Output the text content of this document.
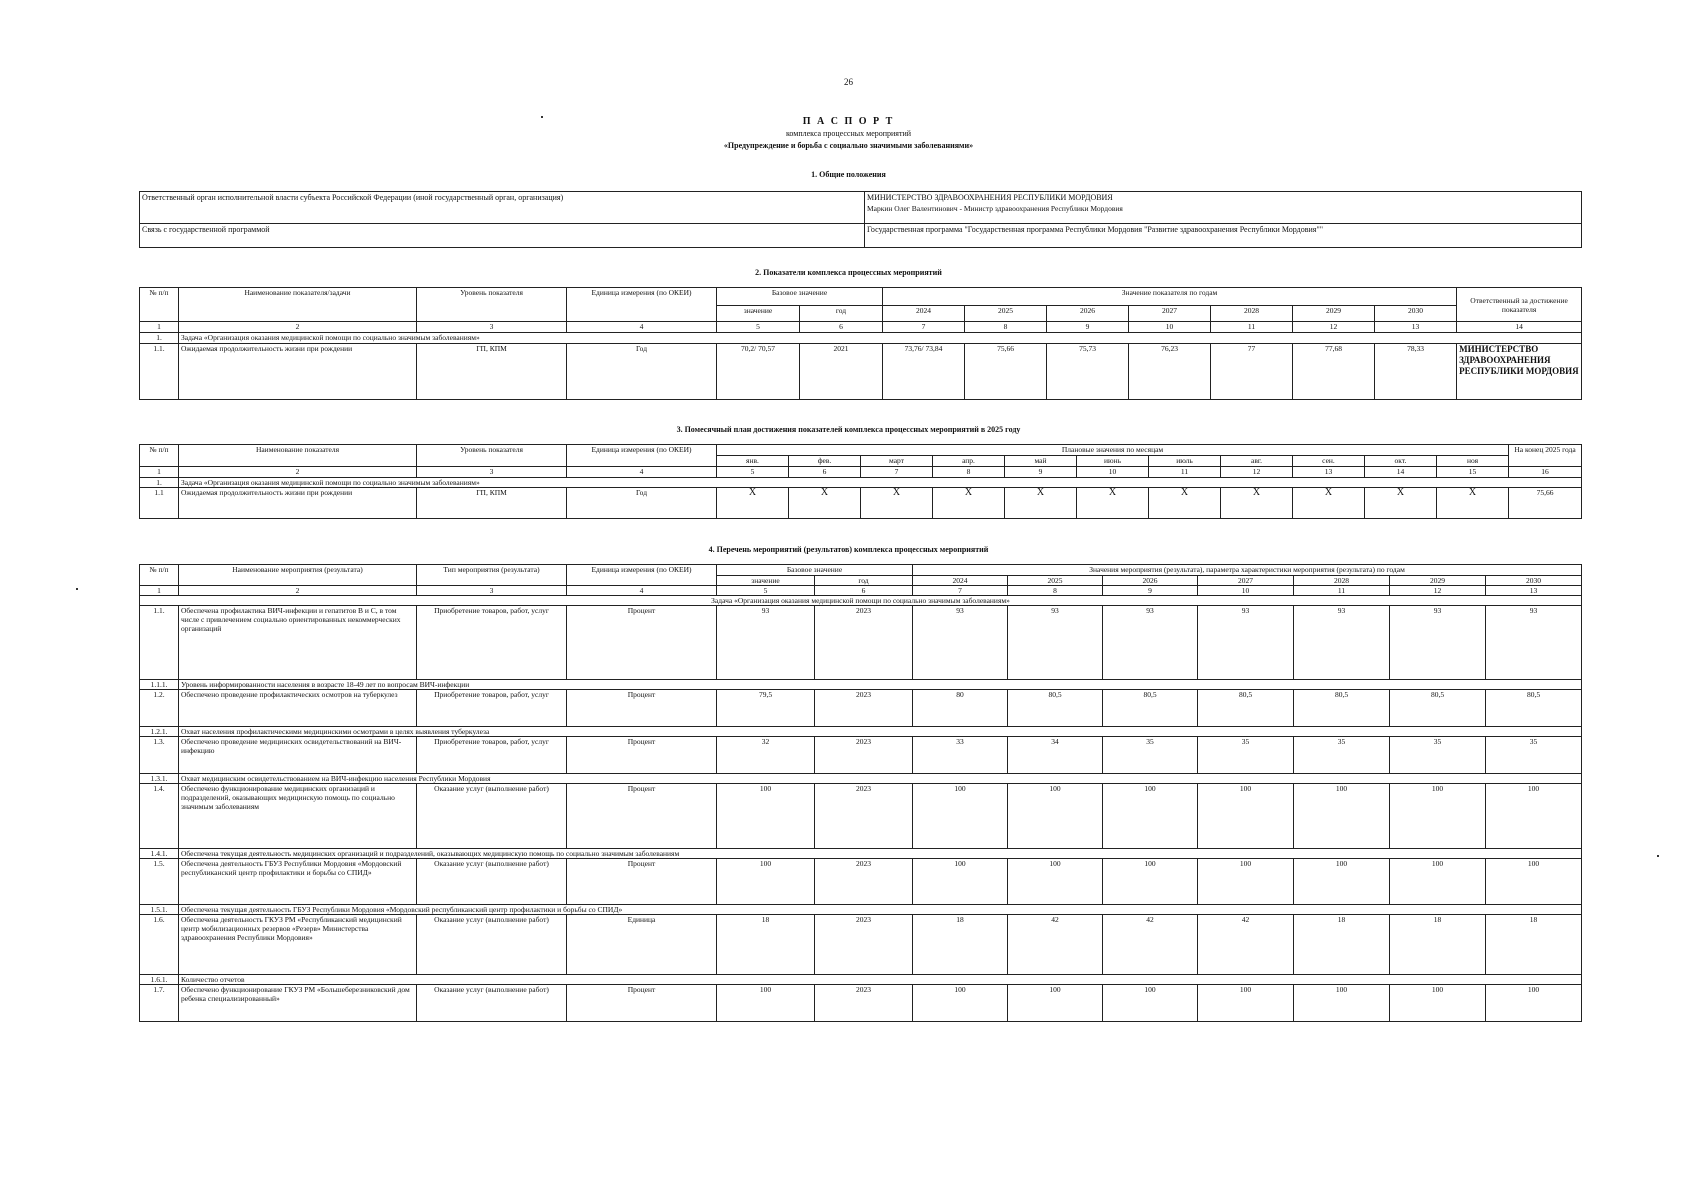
26
П А С П О Р Т
комплекса процессных мероприятий
«Предупреждение и борьба с социально значимыми заболеваниями»
1. Общие положения
Ответственный орган исполнительной власти субъекта Российской Федерации (иной государственный орган, организация)	МИНИСТЕРСТВО ЗДРАВООХРАНЕНИЯ РЕСПУБЛИКИ МОРДОВИЯ
Маркин Олег Валентинович - Министр здравоохранения Республики Мордовия

Связь с государственной программой	Государственная программа "Государственная программа Республики Мордовия "Развитие здравоохранения Республики Мордовия""
2. Показатели комплекса процессных мероприятий
№ п/п	Наименование показателя/задачи	Уровень показателя	Единица измерения (по ОКЕИ)	Базовое значение		Значение показателя по годам							Ответственный за достижение показателя
				значение	год	2024	2025	2026	2027	2028	2029	2030	
1	2	3	4	5	6	7	8	9	10	11	12	13	14
1.	Задача «Организация оказания медицинской помощи по социально значимым заболеваниям»												
1.1.	Ожидаемая продолжительность жизни при рождении	ГП, КПМ	Год	70,2/ 70,57	2021	73,76/ 73,84	75,66	75,73	76,23	77	77,68	78,33	МИНИСТЕРСТВО ЗДРАВООХРАНЕНИЯ РЕСПУБЛИКИ МОРДОВИЯ
3. Помесячный план достижения показателей комплекса процессных мероприятий в 2025 году
№ п/п	Наименование показателя	Уровень показателя	Единица измерения (по ОКЕИ)	Плановые значения по месяцам											На конец 2025 года
				янв.	фев.	март	апр.	май	июнь	июль	авг.	сен.	окт.	ноя	
1	2	3	4	5	6	7	8	9	10	11	12	13	14	15	16
1.	Задача «Организация оказания медицинской помощи по социально значимым заболеваниям»														
1.1	Ожидаемая продолжительность жизни при рождении	ГП, КПМ	Год	X	X	X	X	X	X	X	X	X	X	X	75,66
4. Перечень мероприятий (результатов) комплекса процессных мероприятий
№ п/п	Наименование мероприятия (результата)	Тип мероприятия (результата)	Единица измерения (по ОКЕИ)	Базовое значение		Значения мероприятия (результата), параметра характеристики мероприятия (результата) по годам						
				значение	год	2024	2025	2026	2027	2028	2029	2030
1	2	3	4	5	6	7	8	9	10	11	12	13
Задача «Организация оказания медицинской помощи по социально значимым заболеваниям»												
1.1.	Обеспечена профилактика ВИЧ-инфекции и гепатитов В и С, в том числе с привлечением социально ориентированных некоммерческих организаций	Приобретение товаров, работ, услуг	Процент	93	2023	93	93	93	93	93	93	93
1.1.1.	Уровень информированности населения в возрасте 18-49 лет по вопросам ВИЧ-инфекции											
1.2.	Обеспечено проведение профилактических осмотров на туберкулез	Приобретение товаров, работ, услуг	Процент	79,5	2023	80	80,5	80,5	80,5	80,5	80,5	80,5
1.2.1.	Охват населения профилактическими медицинскими осмотрами в целях выявления туберкулеза											
1.3.	Обеспечено проведение медицинских освидетельствований на ВИЧ-инфекцию	Приобретение товаров, работ, услуг	Процент	32	2023	33	34	35	35	35	35	35
1.3.1.	Охват медицинским освидетельствованием на ВИЧ-инфекцию населения Республики Мордовия											
1.4.	Обеспечено функционирование медицинских организаций и подразделений, оказывающих медицинскую помощь по социально значимым заболеваниям	Оказание услуг (выполнение работ)	Процент	100	2023	100	100	100	100	100	100	100
1.4.1.	Обеспечена текущая деятельность медицинских организаций и подразделений, оказывающих медицинскую помощь по социально значимым заболеваниям											
1.5.	Обеспечена деятельность ГБУЗ Республики Мордовия «Мордовский республиканский центр профилактики и борьбы со СПИД»	Оказание услуг (выполнение работ)	Процент	100	2023	100	100	100	100	100	100	100
1.5.1.	Обеспечена текущая деятельность ГБУЗ Республики Мордовия «Мордовский республиканский центр профилактики и борьбы со СПИД»											
1.6.	Обеспечена деятельность ГКУЗ РМ «Республиканский медицинский центр мобилизационных резервов «Резерв» Министерства здравоохранения Республики Мордовия»	Оказание услуг (выполнение работ)	Единица	18	2023	18	42	42	42	18	18	18
1.6.1.	Количество отчетов											
1.7.	Обеспечено функционирование ГКУЗ РМ «Большеберезниковский дом ребенка специализированный»	Оказание услуг (выполнение работ)	Процент	100	2023	100	100	100	100	100	100	100
